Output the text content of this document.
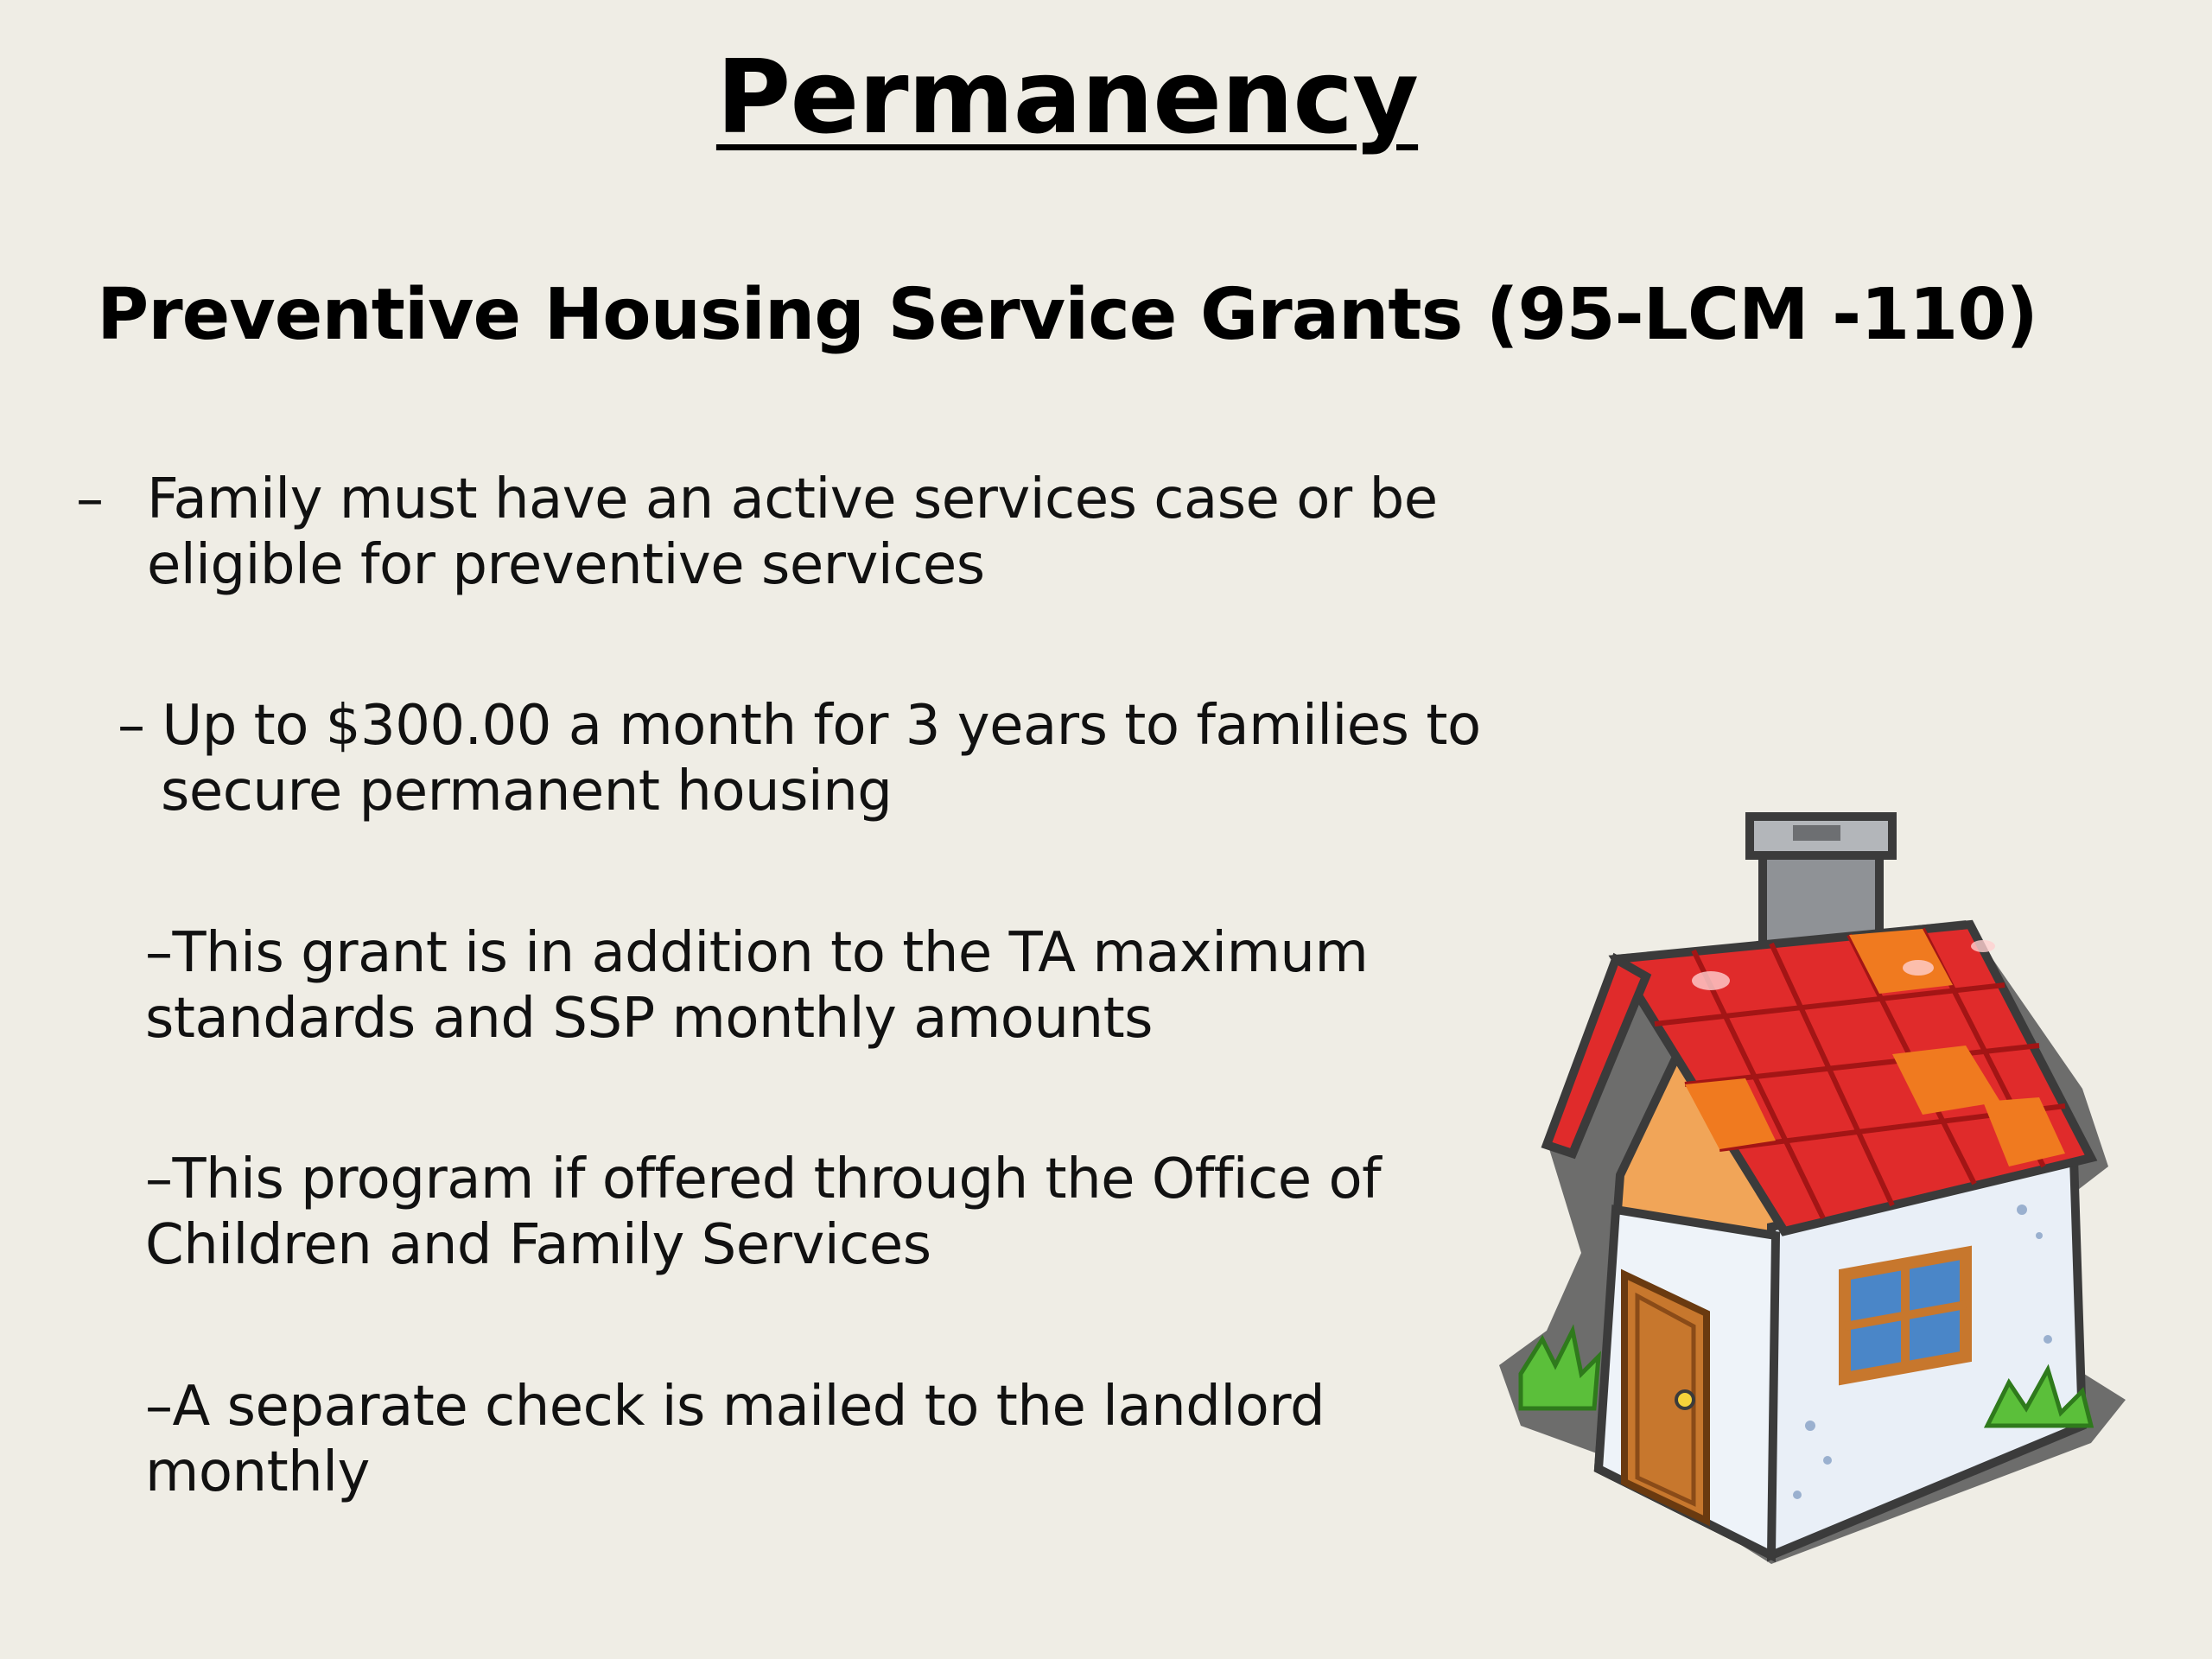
Permanency
Preventive Housing Service Grants (95-LCM -110)
– Family must have an active services case or be
eligible for preventive services
– Up to $300.00 a month for 3 years to families to
secure permanent housing
–This grant is in addition to the TA maximum
standards and SSP monthly amounts
–This program if offered through the Office of
Children and Family Services
–A separate check is mailed to the landlord
monthly
